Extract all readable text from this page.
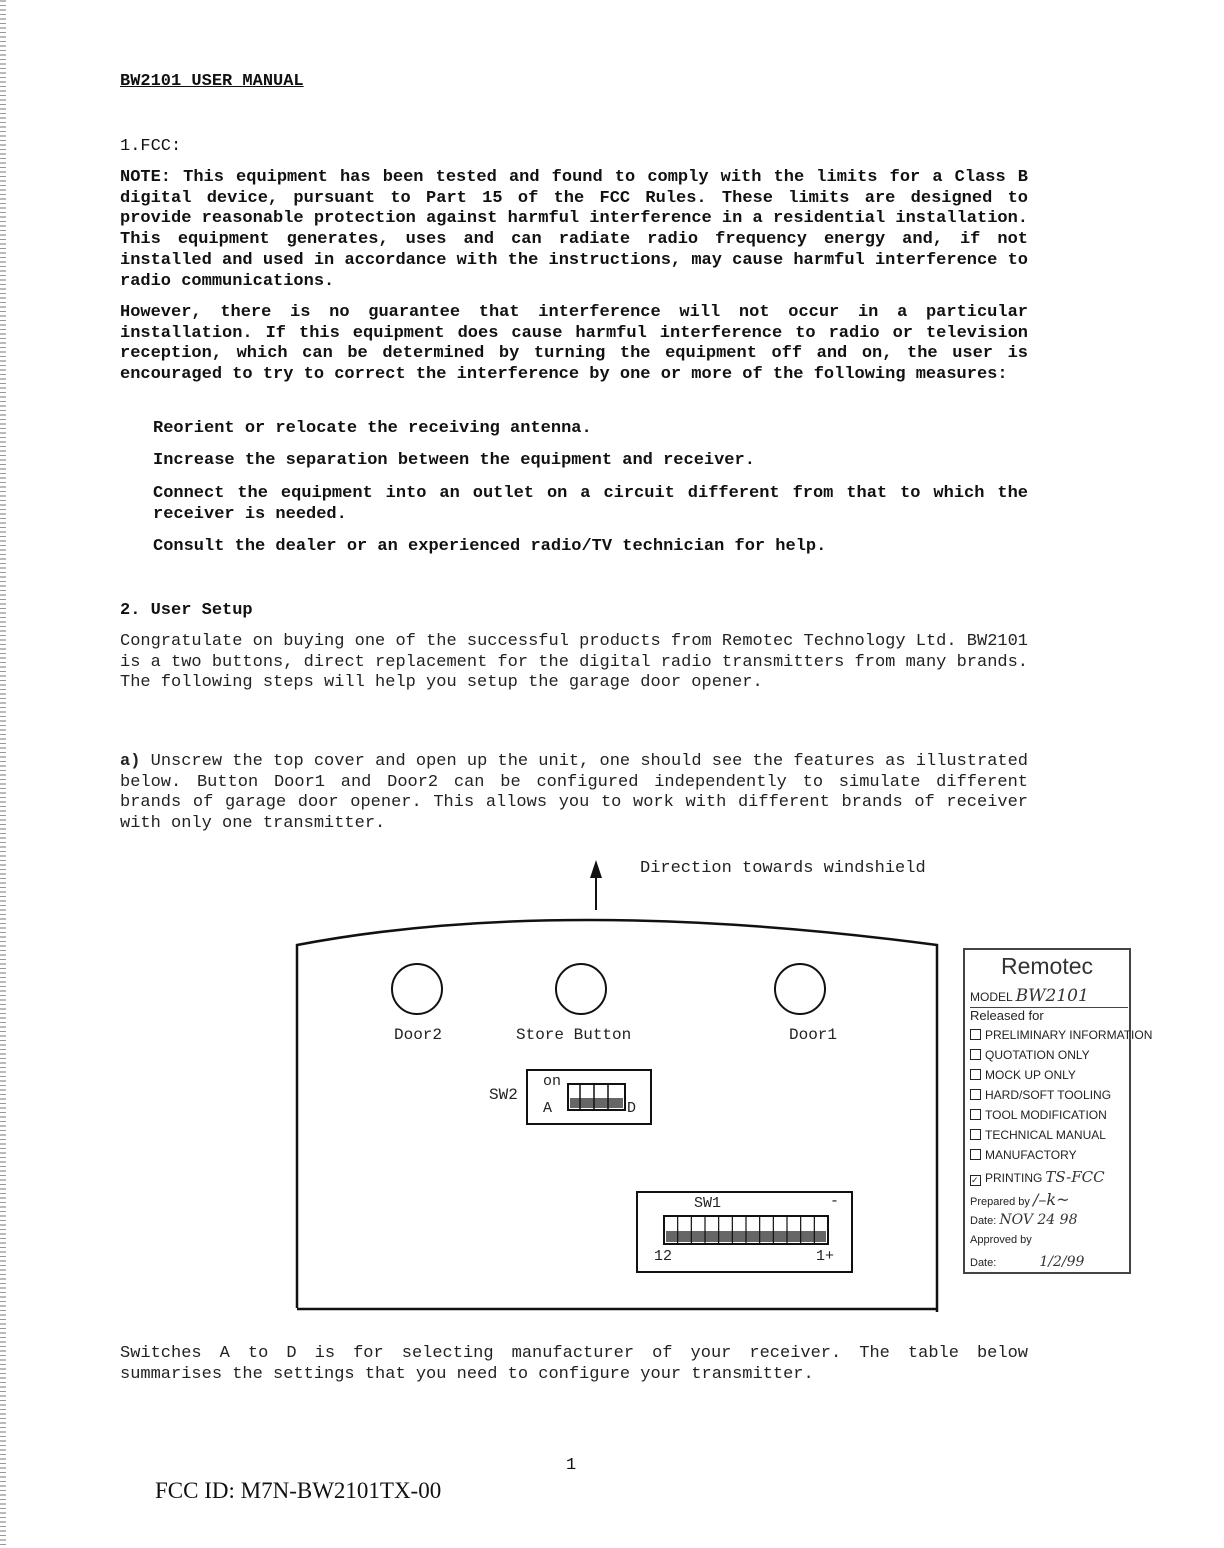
BW2101 USER MANUAL

1.FCC:

NOTE: This equipment has been tested and found to comply with the limits for a Class B digital device, pursuant to Part 15 of the FCC Rules. These limits are designed to provide reasonable protection against harmful interference in a residential installation. This equipment generates, uses and can radiate radio frequency energy and, if not installed and used in accordance with the instructions, may cause harmful interference to radio communications.

However, there is no guarantee that interference will not occur in a particular installation. If this equipment does cause harmful interference to radio or television reception, which can be determined by turning the equipment off and on, the user is encouraged to try to correct the interference by one or more of the following measures:

Reorient or relocate the receiving antenna.

Increase the separation between the equipment and receiver.

Connect the equipment into an outlet on a circuit different from that to which the receiver is needed.

Consult the dealer or an experienced radio/TV technician for help.

2. User Setup

Congratulate on buying one of the successful products from Remotec Technology Ltd. BW2101 is a two buttons, direct replacement for the digital radio transmitters from many brands. The following steps will help you setup the garage door opener.

a) Unscrew the top cover and open up the unit, one should see the features as illustrated below. Button Door1 and Door2 can be configured independently to simulate different brands of garage door opener. This allows you to work with different brands of receiver with only one transmitter.

Direction towards windshield
Door2	Store Button	Door1
SW2
on
A	D
SW1	-
12	1+
Remotec
MODEL BW2101
Released for
PRELIMINARY INFORMATION
QUOTATION ONLY
MOCK UP ONLY
HARD/SOFT TOOLING
TOOL MODIFICATION
TECHNICAL MANUAL
MANUFACTORY
✓ PRINTING TS-FCC
Prepared by /–k~
Date: NOV 24 98
Approved by
Date:	1/2/99

Switches A to D is for selecting manufacturer of your receiver. The table below summarises the settings that you need to configure your transmitter.

1

FCC ID: M7N-BW2101TX-00
